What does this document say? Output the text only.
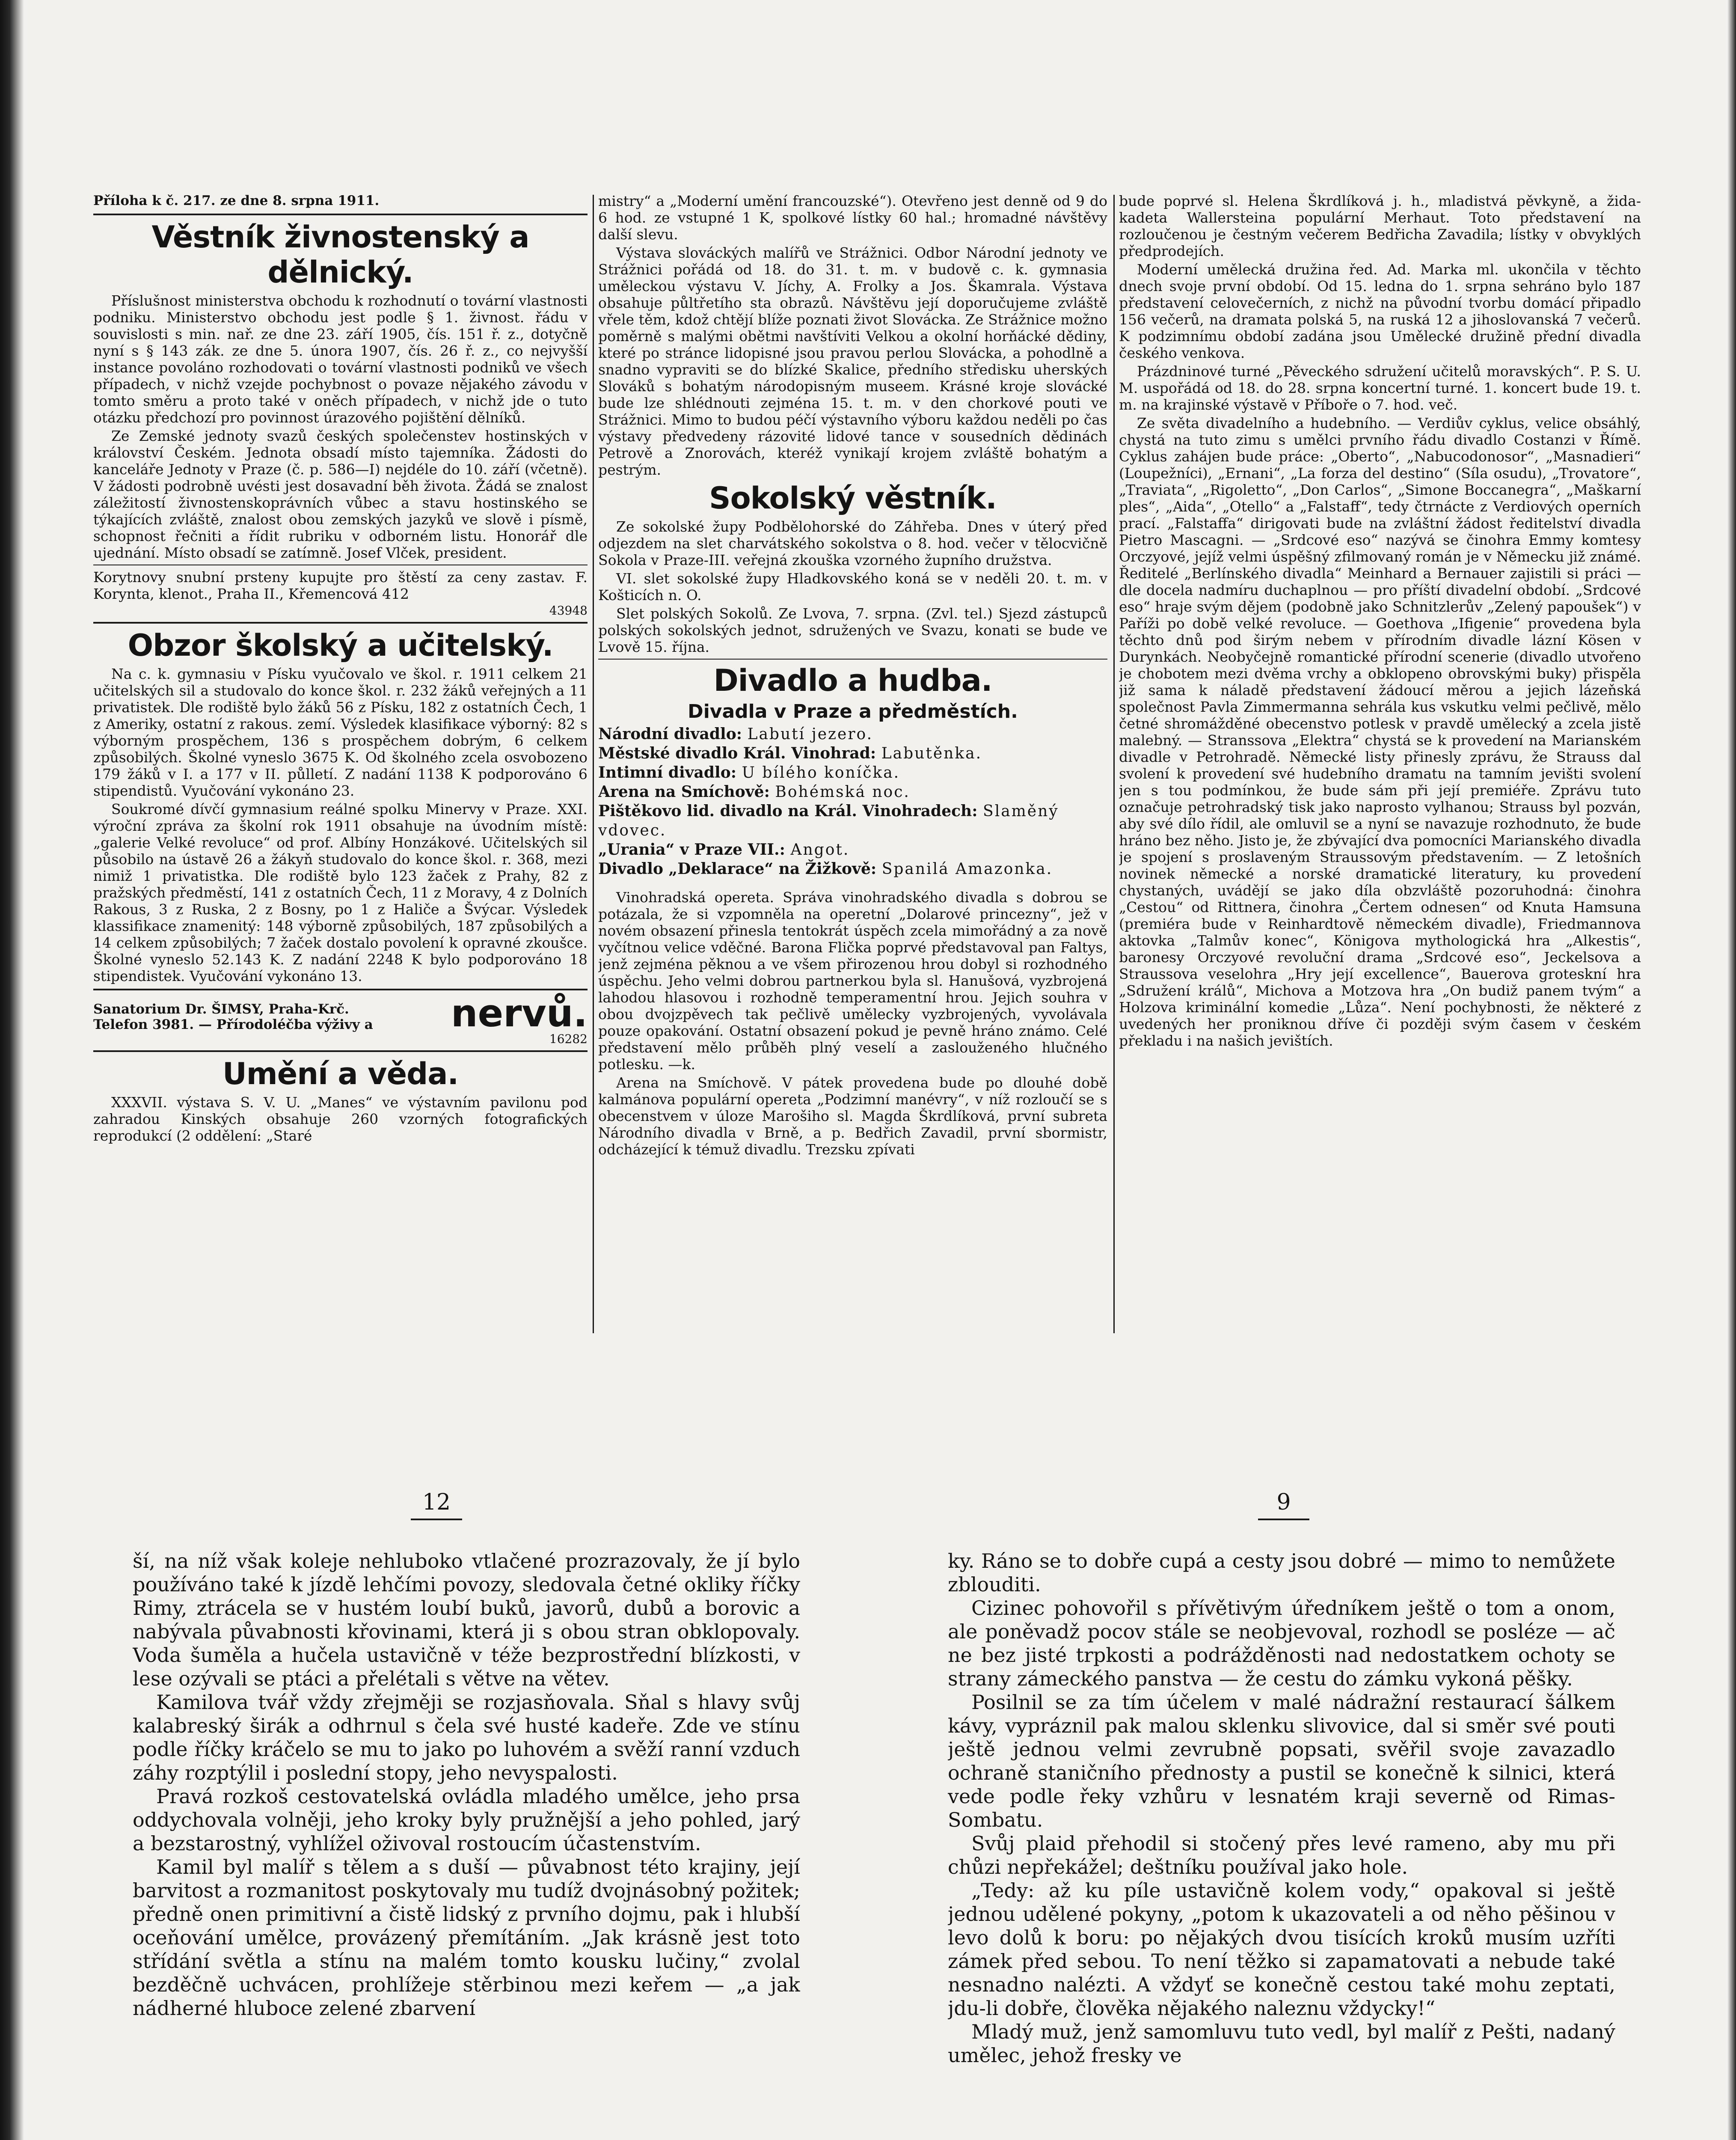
Příloha k č. 217. ze dne 8. srpna 1911.
Věstník živnostenský a dělnický.

Příslušnost ministerstva obchodu k rozhodnutí o tovární vlastnosti podniku. Ministerstvo obchodu jest podle § 1. živnost. řádu v souvislosti s min. nař. ze dne 23. září 1905, čís. 151 ř. z., dotyčně nyní s § 143 zák. ze dne 5. února 1907, čís. 26 ř. z., co nejvyšší instance povoláno rozhodovati o tovární vlastnosti podniků ve všech případech, v nichž vzejde pochybnost o povaze nějakého závodu v tomto směru a proto také v oněch případech, v nichž jde o tuto otázku předchozí pro povinnost úrazového pojištění dělníků.

Ze Zemské jednoty svazů českých společenstev hostinských v království Českém. Jednota obsadí místo tajemníka. Žádosti do kanceláře Jednoty v Praze (č. p. 586—I) nejdéle do 10. září (včetně). V žádosti podrobně uvésti jest dosavadní běh života. Žádá se znalost záležitostí živnostenskoprávních vůbec a stavu hostinského se týkajících zvláště, znalost obou zemských jazyků ve slově i písmě, schopnost řečniti a řídit rubriku v odborném listu. Honorář dle ujednání. Místo obsadí se zatímně. Josef Vlček, president.

Korytnovy snubní prsteny kupujte pro štěstí za ceny zastav. F. Korynta, klenot., Praha II., Křemencová 412

43948
Obzor školský a učitelský.

Na c. k. gymnasiu v Písku vyučovalo ve škol. r. 1911 celkem 21 učitelských sil a studovalo do konce škol. r. 232 žáků veřejných a 11 privatistek. Dle rodiště bylo žáků 56 z Písku, 182 z ostatních Čech, 1 z Ameriky, ostatní z rakous. zemí. Výsledek klasifikace výborný: 82 s výborným prospěchem, 136 s prospěchem dobrým, 6 celkem způsobilých. Školné vyneslo 3675 K. Od školného zcela osvobozeno 179 žáků v I. a 177 v II. půlletí. Z nadání 1138 K podporováno 6 stipendistů. Vyučování vykonáno 23.

Soukromé dívčí gymnasium reálné spolku Minervy v Praze. XXI. výroční zpráva za školní rok 1911 obsahuje na úvodním místě: „galerie Velké revoluce“ od prof. Albíny Honzákové. Učitelských sil působilo na ústavě 26 a žákyň studovalo do konce škol. r. 368, mezi nimiž 1 privatistka. Dle rodiště bylo 123 žaček z Prahy, 82 z pražských předměstí, 141 z ostatních Čech, 11 z Moravy, 4 z Dolních Rakous, 3 z Ruska, 2 z Bosny, po 1 z Haliče a Švýcar. Výsledek klassifikace znamenitý: 148 výborně způsobilých, 187 způsobilých a 14 celkem způsobilých; 7 žaček dostalo povolení k opravné zkoušce. Školné vyneslo 52.143 K. Z nadání 2248 K bylo podporováno 18 stipendistek. Vyučování vykonáno 13.

Sanatorium Dr. ŠIMSY, Praha-Krč.
Telefon 3981. — Přírodoléčba výživy a nervů.
16282
Umění a věda.

XXXVII. výstava S. V. U. „Manes“ ve výstavním pavilonu pod zahradou Kinských obsahuje 260 vzorných fotografických reprodukcí (2 oddělení: „Staré

mistry“ a „Moderní umění francouzské“). Otevřeno jest denně od 9 do 6 hod. ze vstupné 1 K, spolkové lístky 60 hal.; hromadné návštěvy další slevu.

Výstava slováckých malířů ve Strážnici. Odbor Národní jednoty ve Strážnici pořádá od 18. do 31. t. m. v budově c. k. gymnasia uměleckou výstavu V. Jíchy, A. Frolky a Jos. Škamrala. Výstava obsahuje půltřetího sta obrazů. Návštěvu její doporučujeme zvláště vřele těm, kdož chtějí blíže poznati život Slovácka. Ze Strážnice možno poměrně s malými obětmi navštíviti Velkou a okolní horňácké dědiny, které po stránce lidopisné jsou pravou perlou Slovácka, a pohodlně a snadno vypraviti se do blízké Skalice, předního středisku uherských Slováků s bohatým národopisným museem. Krásné kroje slovácké bude lze shlédnouti zejména 15. t. m. v den chorkové pouti ve Strážnici. Mimo to budou péčí výstavního výboru každou neděli po čas výstavy předvedeny rázovité lidové tance v sousedních dědinách Petrově a Znorovách, kteréž vynikají krojem zvláště bohatým a pestrým.

Sokolský věstník.

Ze sokolské župy Podbělohorské do Záhřeba. Dnes v úterý před odjezdem na slet charvátského sokolstva o 8. hod. večer v tělocvičně Sokola v Praze-III. veřejná zkouška vzorného župního družstva.

VI. slet sokolské župy Hladkovského koná se v neděli 20. t. m. v Košticích n. O.

Slet polských Sokolů. Ze Lvova, 7. srpna. (Zvl. tel.) Sjezd zástupců polských sokolských jednot, sdružených ve Svazu, konati se bude ve Lvově 15. října.

Divadlo a hudba.
Divadla v Praze a předměstích.
Národní divadlo: Labutí jezero.
Městské divadlo Král. Vinohrad: Labutěnka.
Intimní divadlo: U bílého koníčka.
Arena na Smíchově: Bohémská noc.
Pištěkovo lid. divadlo na Král. Vinohradech: Slaměný vdovec.
„Urania“ v Praze VII.: Angot.
Divadlo „Deklarace“ na Žižkově: Spanilá Amazonka.

Vinohradská opereta. Správa vinohradského divadla s dobrou se potázala, že si vzpomněla na operetní „Dolarové princezny“, jež v novém obsazení přinesla tentokrát úspěch zcela mimořádný a za nově vyčítnou velice vděčné. Barona Flička poprvé představoval pan Faltys, jenž zejména pěknou a ve všem přirozenou hrou dobyl si rozhodného úspěchu. Jeho velmi dobrou partnerkou byla sl. Hanušová, vyzbrojená lahodou hlasovou i rozhodně temperamentní hrou. Jejich souhra v obou dvojzpěvech tak pečlivě umělecky vyzbrojených, vyvolávala pouze opakování. Ostatní obsazení pokud je pevně hráno známo. Celé představení mělo průběh plný veselí a zaslouženého hlučného potlesku. —k.

Arena na Smíchově. V pátek provedena bude po dlouhé době kalmánova populární opereta „Podzimní manévry“, v níž rozloučí se s obecenstvem v úloze Marošiho sl. Magda Škrdlíková, první subreta Národního divadla v Brně, a p. Bedřich Zavadil, první sbormistr, odcházející k témuž divadlu. Trezsku zpívati

bude poprvé sl. Helena Škrdlíková j. h., mladistvá pěvkyně, a žida-kadeta Wallersteina populární Merhaut. Toto představení na rozloučenou je čestným večerem Bedřicha Zavadila; lístky v obvyklých předprodejích.

Moderní umělecká družina řed. Ad. Marka ml. ukončila v těchto dnech svoje první období. Od 15. ledna do 1. srpna sehráno bylo 187 představení celovečerních, z nichž na původní tvorbu domácí připadlo 156 večerů, na dramata polská 5, na ruská 12 a jihoslovanská 7 večerů. K podzimnímu období zadána jsou Umělecké družině přední divadla českého venkova.

Prázdninové turné „Pěveckého sdružení učitelů moravských“. P. S. U. M. uspořádá od 18. do 28. srpna koncertní turné. 1. koncert bude 19. t. m. na krajinské výstavě v Příboře o 7. hod. več.

Ze světa divadelního a hudebního. — Verdiův cyklus, velice obsáhlý, chystá na tuto zimu s umělci prvního řádu divadlo Costanzi v Římě. Cyklus zahájen bude práce: „Oberto“, „Nabucodonosor“, „Masnadieri“ (Loupežníci), „Ernani“, „La forza del destino“ (Síla osudu), „Trovatore“, „Traviata“, „Rigoletto“, „Don Carlos“, „Simone Boccanegra“, „Maškarní ples“, „Aida“, „Otello“ a „Falstaff“, tedy čtrnácte z Verdiových operních prací. „Falstaffa“ dirigovati bude na zvláštní žádost ředitelství divadla Pietro Mascagni. — „Srdcové eso“ nazývá se činohra Emmy komtesy Orczyové, jejíž velmi úspěšný zfilmovaný román je v Německu již známé. Ředitelé „Berlínského divadla“ Meinhard a Bernauer zajistili si práci — dle docela nadmíru duchaplnou — pro příští divadelní období. „Srdcové eso“ hraje svým dějem (podobně jako Schnitzlerův „Zelený papoušek“) v Paříži po době velké revoluce. — Goethova „Ifigenie“ provedena byla těchto dnů pod širým nebem v přírodním divadle lázní Kösen v Durynkách. Neobyčejně romantické přírodní scenerie (divadlo utvořeno je chobotem mezi dvěma vrchy a obklopeno obrovskými buky) přispěla již sama k náladě představení žádoucí měrou a jejich lázeňská společnost Pavla Zimmermanna sehrála kus vskutku velmi pečlivě, mělo četné shromážděné obecenstvo potlesk v pravdě umělecký a zcela jistě malebný. — Stranssova „Elektra“ chystá se k provedení na Marianském divadle v Petrohradě. Německé listy přinesly zprávu, že Strauss dal svolení k provedení své hudebního dramatu na tamním jevišti svolení jen s tou podmínkou, že bude sám při její premiéře. Zprávu tuto označuje petrohradský tisk jako naprosto vylhanou; Strauss byl pozván, aby své dílo řídil, ale omluvil se a nyní se navazuje rozhodnuto, že bude hráno bez něho. Jisto je, že zbývající dva pomocníci Marianského divadla je spojení s proslaveným Straussovým představením. — Z letošních novinek německé a norské dramatické literatury, ku provedení chystaných, uvádějí se jako díla obzvláště pozoruhodná: činohra „Cestou“ od Rittnera, činohra „Čertem odnesen“ od Knuta Hamsuna (premiéra bude v Reinhardtově německém divadle), Friedmannova aktovka „Talmův konec“, Königova mythologická hra „Alkestis“, baronesy Orczyové revoluční drama „Srdcové eso“, Jeckelsova a Straussova veselohra „Hry její excellence“, Bauerova groteskní hra „Sdružení králů“, Michova a Motzova hra „On budiž panem tvým“ a Holzova kriminální komedie „Lůza“. Není pochybnosti, že některé z uvedených her proniknou dříve či později svým časem v českém překladu i na našich jevištích.

12	9

ší, na níž však koleje nehluboko vtlačené prozrazovaly, že jí bylo používáno také k jízdě lehčími povozy, sledovala četné okliky říčky Rimy, ztrácela se v hustém loubí buků, javorů, dubů a borovic a nabývala půvabnosti křovinami, která ji s obou stran obklopovaly. Voda šuměla a hučela ustavičně v téže bezprostřední blízkosti, v lese ozývali se ptáci a přelétali s větve na větev.

Kamilova tvář vždy zřejměji se rozjasňovala. Sňal s hlavy svůj kalabreský širák a odhrnul s čela své husté kadeře. Zde ve stínu podle říčky kráčelo se mu to jako po luhovém a svěží ranní vzduch záhy rozptýlil i poslední stopy, jeho nevyspalosti.

Pravá rozkoš cestovatelská ovládla mladého umělce, jeho prsa oddychovala volněji, jeho kroky byly pružnější a jeho pohled, jarý a bezstarostný, vyhlížel oživoval rostoucím účastenstvím.

Kamil byl malíř s tělem a s duší — půvabnost této krajiny, její barvitost a rozmanitost poskytovaly mu tudíž dvojnásobný požitek; předně onen primitivní a čistě lidský z prvního dojmu, pak i hlubší oceňování umělce, provázený přemítáním. „Jak krásně jest toto střídání světla a stínu na malém tomto kousku lučiny,“ zvolal bezděčně uchvácen, prohlížeje stěrbinou mezi keřem — „a jak nádherné hluboce zelené zbarvení

ky. Ráno se to dobře cupá a cesty jsou dobré — mimo to nemůžete zblouditi.

Cizinec pohovořil s přívětivým úředníkem ještě o tom a onom, ale poněvadž pocov stále se neobjevoval, rozhodl se posléze — ač ne bez jisté trpkosti a podrážděnosti nad nedostatkem ochoty se strany zámeckého panstva — že cestu do zámku vykoná pěšky.

Posilnil se za tím účelem v malé nádražní restaurací šálkem kávy, vypráznil pak malou sklenku slivovice, dal si směr své pouti ještě jednou velmi zevrubně popsati, svěřil svoje zavazadlo ochraně staničního přednosty a pustil se konečně k silnici, která vede podle řeky vzhůru v lesnatém kraji severně od Rimas-Sombatu.

Svůj plaid přehodil si stočený přes levé rameno, aby mu při chůzi nepřekážel; deštníku používal jako hole.

„Tedy: až ku píle ustavičně kolem vody,“ opakoval si ještě jednou udělené pokyny, „potom k ukazovateli a od něho pěšinou v levo dolů k boru: po nějakých dvou tisících kroků musím uzříti zámek před sebou. To není těžko si zapamatovati a nebude také nesnadno nalézti. A vždyť se konečně cestou také mohu zeptati, jdu-li dobře, člověka nějakého naleznu vždycky!“

Mladý muž, jenž samomluvu tuto vedl, byl malíř z Pešti, nadaný umělec, jehož fresky ve
